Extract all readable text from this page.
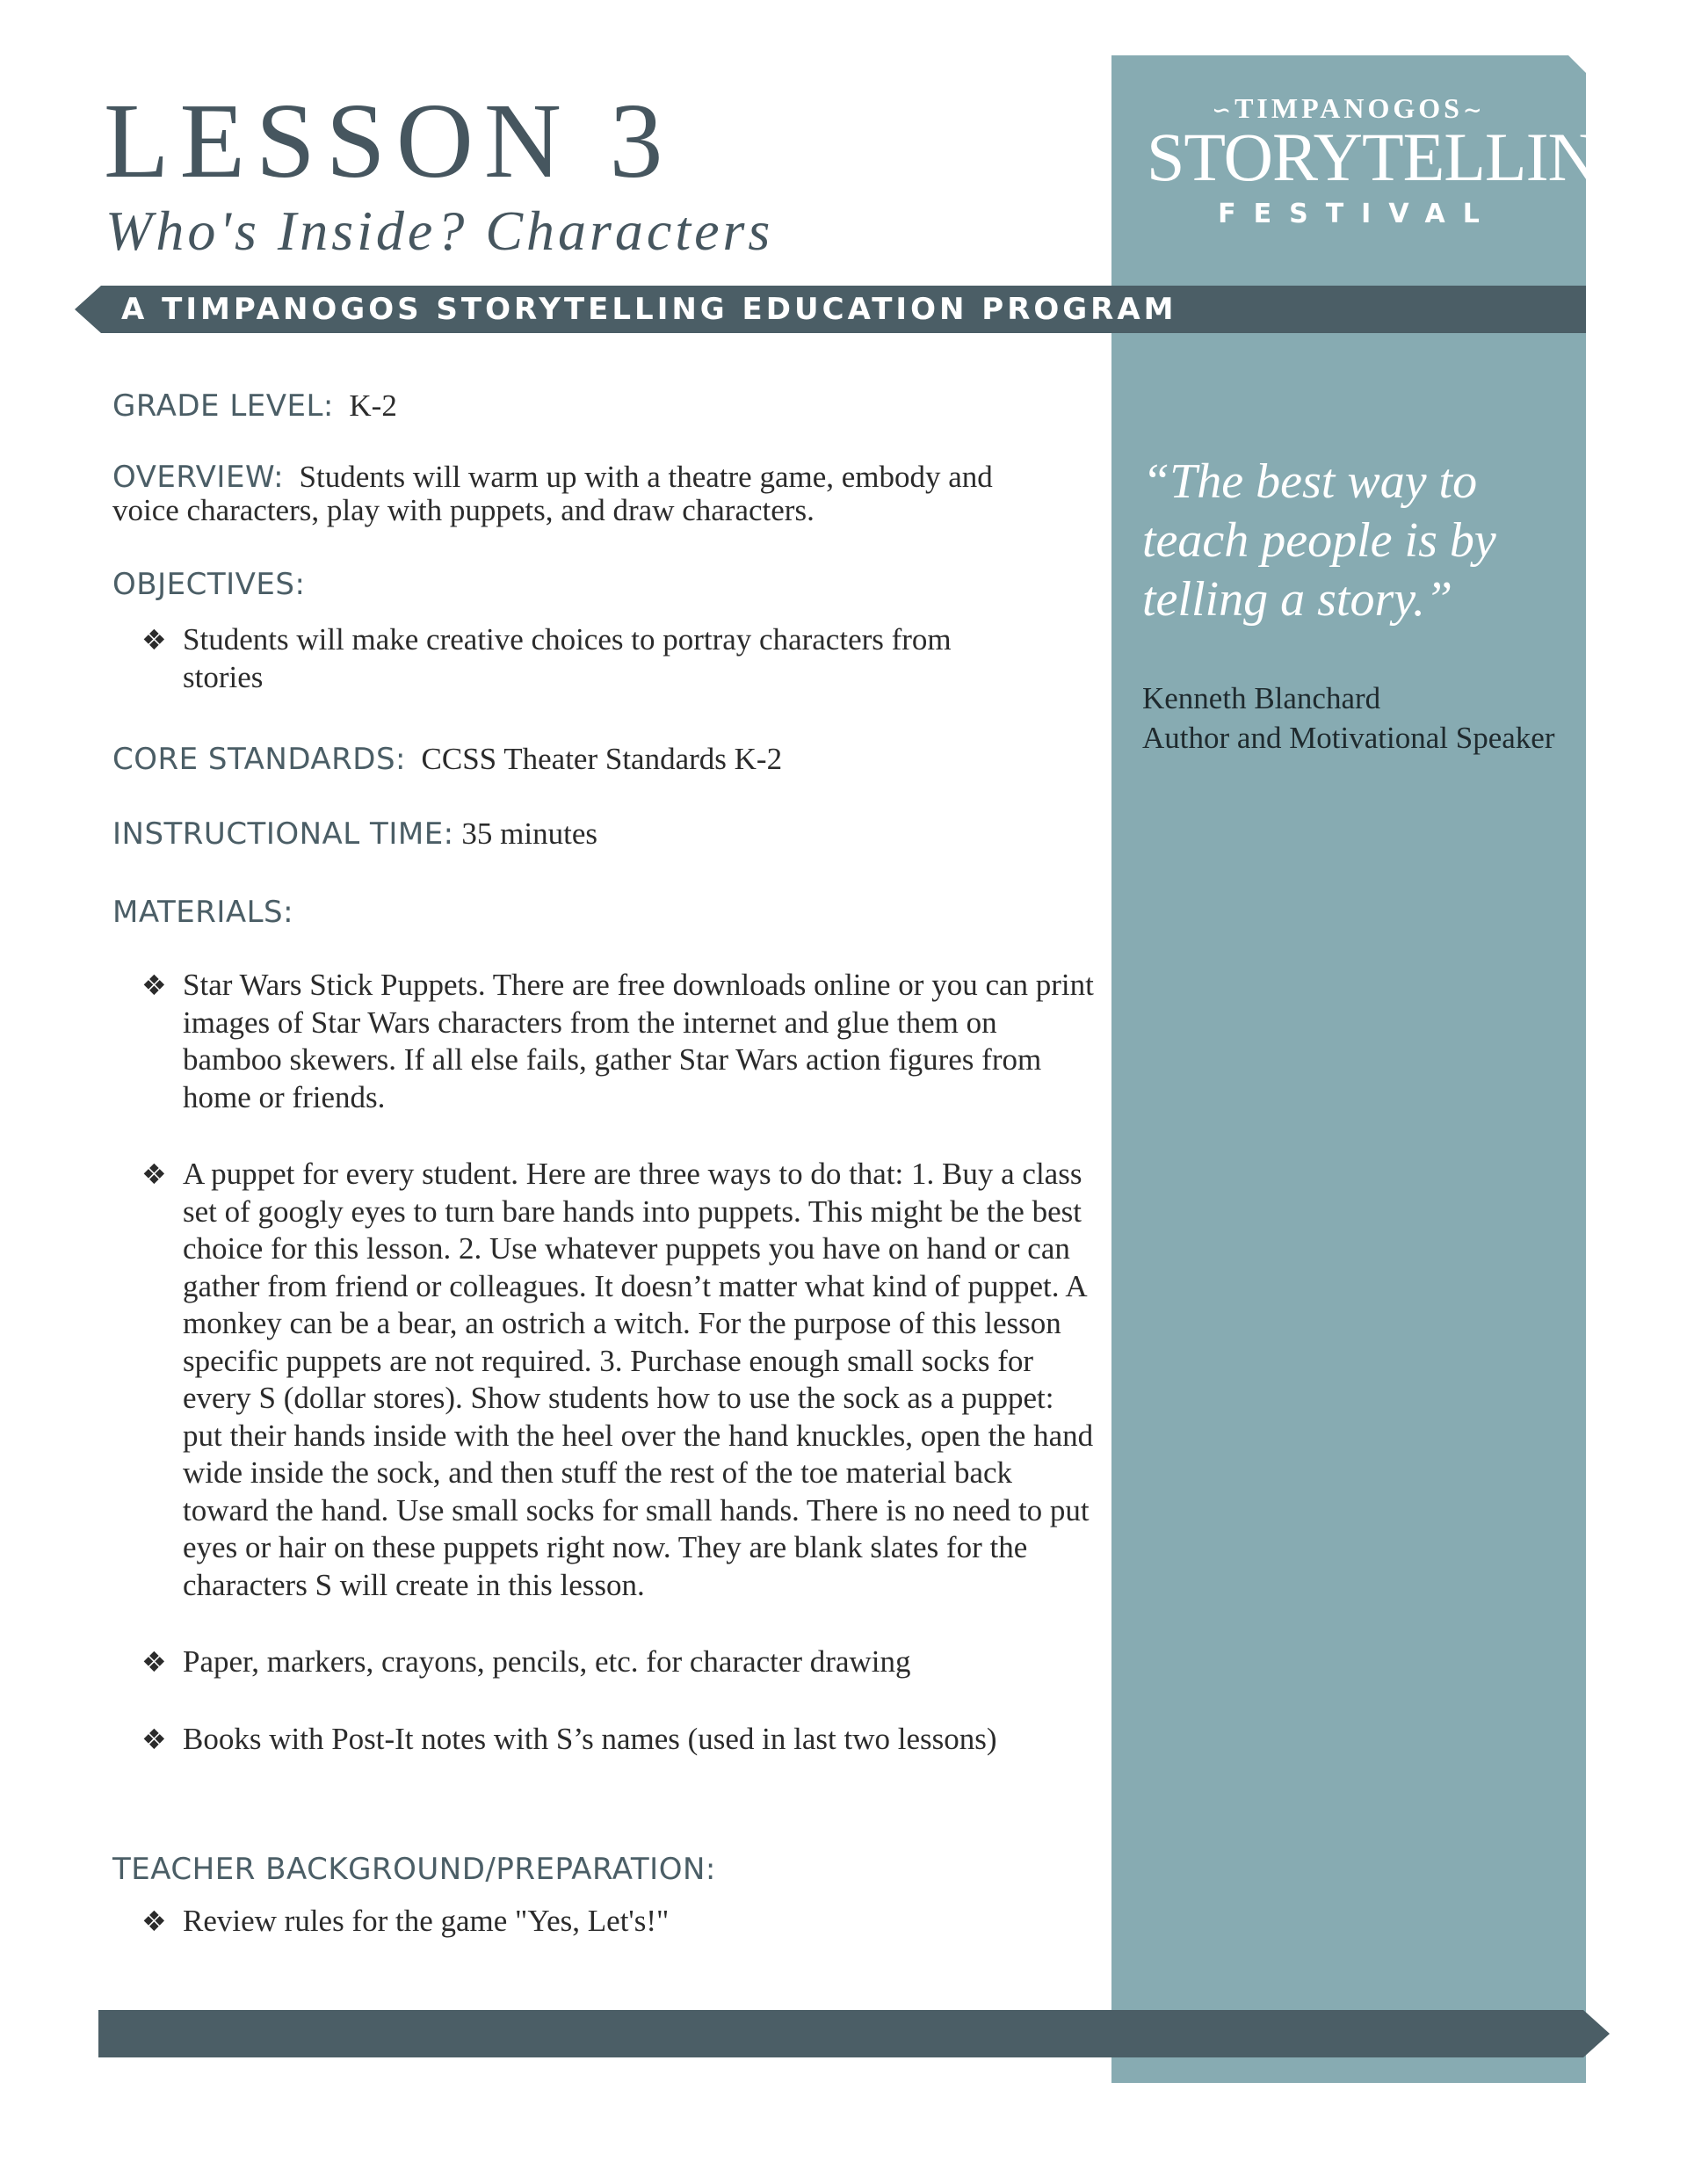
∽TIMPANOGOS∼
STORYTELLING
FESTIVAL
LESSON 3
Who's Inside? Characters
A TIMPANOGOS STORYTELLING EDUCATION PROGRAM
GRADE LEVEL: K-2
OVERVIEW: Students will warm up with a theatre game, embody and voice characters, play with puppets, and draw characters.
OBJECTIVES:
❖ Students will make creative choices to portray characters from stories
CORE STANDARDS: CCSS Theater Standards K-2
INSTRUCTIONAL TIME: 35 minutes
MATERIALS:
❖ Star Wars Stick Puppets. There are free downloads online or you can print images of Star Wars characters from the internet and glue them on bamboo skewers. If all else fails, gather Star Wars action figures from home or friends.
❖ A puppet for every student. Here are three ways to do that: 1. Buy a class set of googly eyes to turn bare hands into puppets. This might be the best choice for this lesson. 2. Use whatever puppets you have on hand or can gather from friend or colleagues. It doesn’t matter what kind of puppet. A monkey can be a bear, an ostrich a witch. For the purpose of this lesson specific puppets are not required. 3. Purchase enough small socks for every S (dollar stores). Show students how to use the sock as a puppet: put their hands inside with the heel over the hand knuckles, open the hand wide inside the sock, and then stuff the rest of the toe material back toward the hand. Use small socks for small hands. There is no need to put eyes or hair on these puppets right now. They are blank slates for the characters S will create in this lesson.
❖ Paper, markers, crayons, pencils, etc. for character drawing
❖ Books with Post-It notes with S’s names (used in last two lessons)
TEACHER BACKGROUND/PREPARATION:
❖ Review rules for the game "Yes, Let's!"
“The best way to teach people is by telling a story.”
Kenneth Blanchard
Author and Motivational Speaker
